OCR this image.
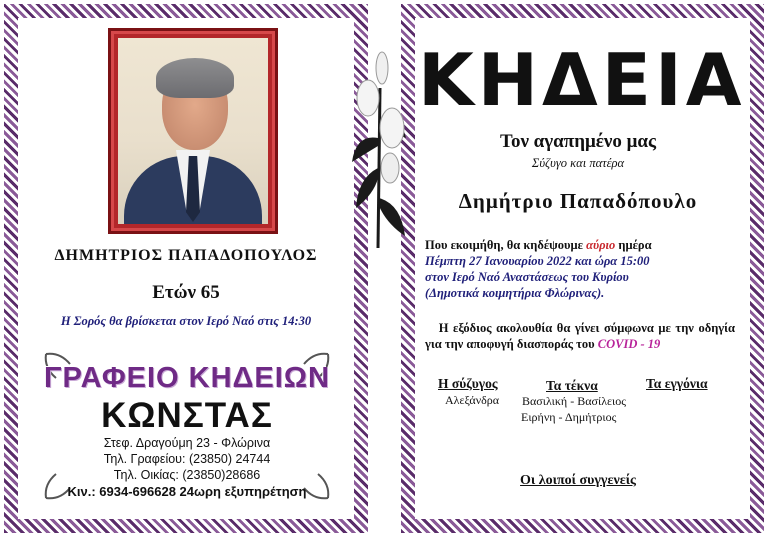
ΔΗΜΗΤΡΙΟΣ ΠΑΠΑΔΟΠΟΥΛΟΣ
Ετών 65
Η Σορός θα βρίσκεται στον Ιερό Ναό στις 14:30
ΓΡΑΦΕΙΟ ΚΗΔΕΙΩΝ
ΚΩΝΣΤΑΣ
Στεφ. Δραγούμη 23 - Φλώρινα
Τηλ. Γραφείου: (23850) 24744
Τηλ. Οικίας: (23850)28686
Κιν.: 6934-696628 24ωρη εξυπηρέτηση
ΚΗΔΕΙΑ
Τον αγαπημένο μας
Σύζυγο και πατέρα
Δημήτριο Παπαδόπουλο
Που εκοιμήθη, θα κηδέψουμε αύριο ημέρα
Πέμπτη 27 Ιανουαρίου 2022 και ώρα 15:00
στον Ιερό Ναό Αναστάσεως του Κυρίου
(Δημοτικά κοιμητήρια Φλώρινας).
Η εξόδιος ακολουθία θα γίνει σύμφωνα με την οδηγία για την αποφυγή διασποράς του COVID - 19
Η σύζυγος
Αλεξάνδρα
Τα τέκνα
Βασιλική - Βασίλειος
Ειρήνη - Δημήτριος
Τα εγγόνια
Οι λοιποί συγγενείς
